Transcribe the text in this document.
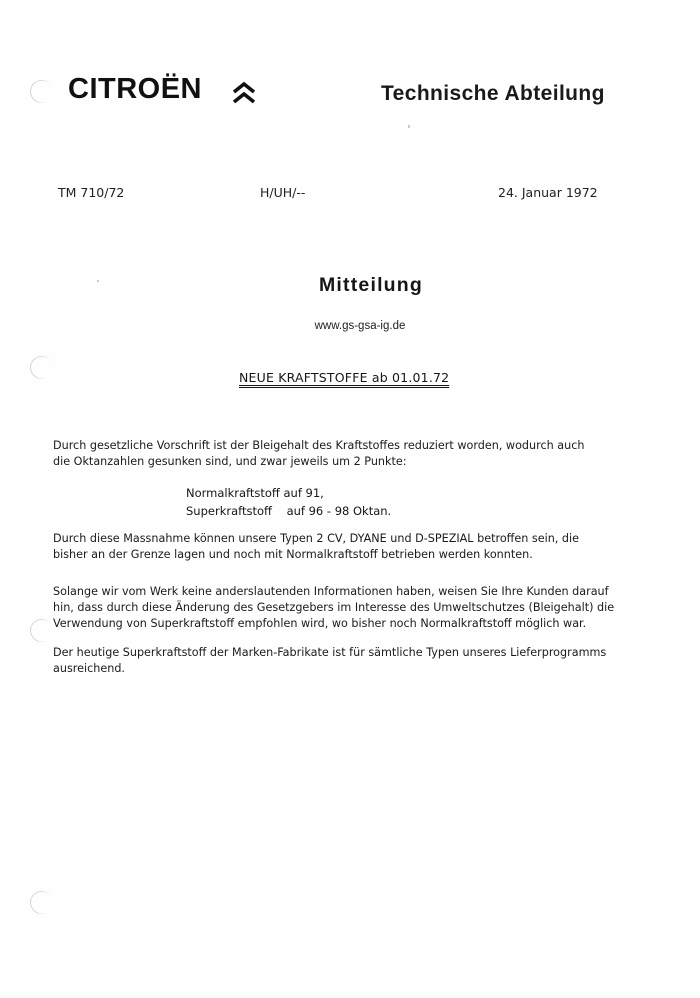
CITROËN	Technische Abteilung
TM 710/72	H/UH/--	24. Januar 1972
Mitteilung
www.gs-gsa-ig.de
NEUE KRAFTSTOFFE ab 01.01.72
Durch gesetzliche Vorschrift ist der Bleigehalt des Kraftstoffes reduziert worden, wodurch auch
die Oktanzahlen gesunken sind, und zwar jeweils um 2 Punkte:
Normalkraftstoff auf 91,
Superkraftstoff    auf 96 - 98 Oktan.
Durch diese Massnahme können unsere Typen 2 CV, DYANE und D-SPEZIAL betroffen sein, die
bisher an der Grenze lagen und noch mit Normalkraftstoff betrieben werden konnten.
Solange wir vom Werk keine anderslautenden Informationen haben, weisen Sie Ihre Kunden darauf
hin, dass durch diese Änderung des Gesetzgebers im Interesse des Umweltschutzes (Bleigehalt) die
Verwendung von Superkraftstoff empfohlen wird, wo bisher noch Normalkraftstoff möglich war.
Der heutige Superkraftstoff der Marken-Fabrikate ist für sämtliche Typen unseres Lieferprogramms
ausreichend.
